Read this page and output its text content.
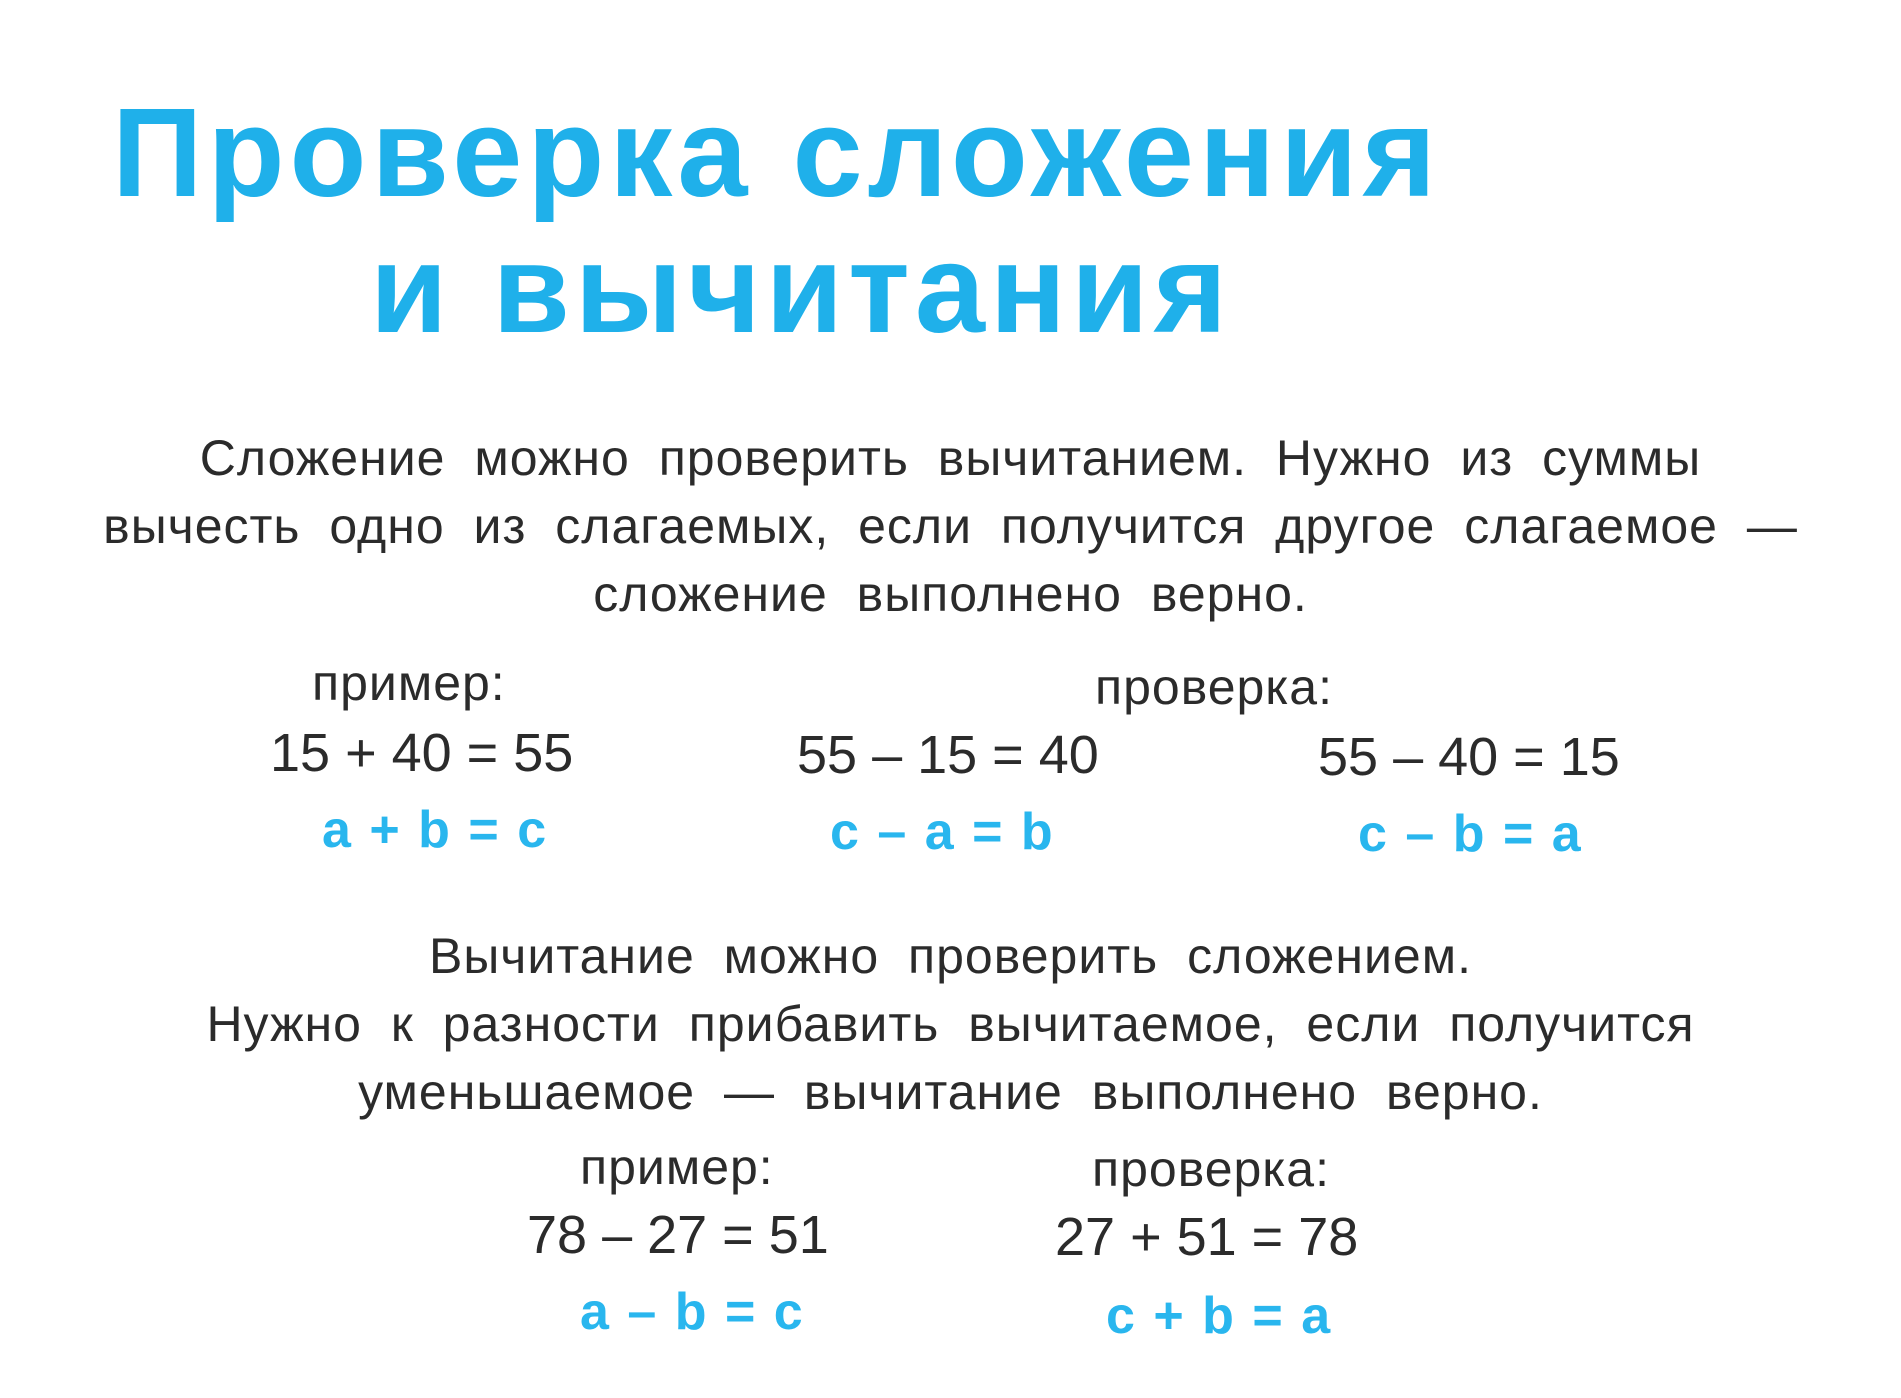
Проверка сложения
и вычитания

Сложение можно проверить вычитанием. Нужно из суммы
вычесть одно из слагаемых, если получится другое слагаемое —
сложение выполнено верно.

пример:	проверка:
15 + 40 = 55	55 – 15 = 40	55 – 40 = 15
a + b = c	c – a = b	c – b = a

Вычитание можно проверить сложением.
Нужно к разности прибавить вычитаемое, если получится
уменьшаемое — вычитание выполнено верно.

пример:	проверка:
78 – 27 = 51	27 + 51 = 78
a – b = c	c + b = a
